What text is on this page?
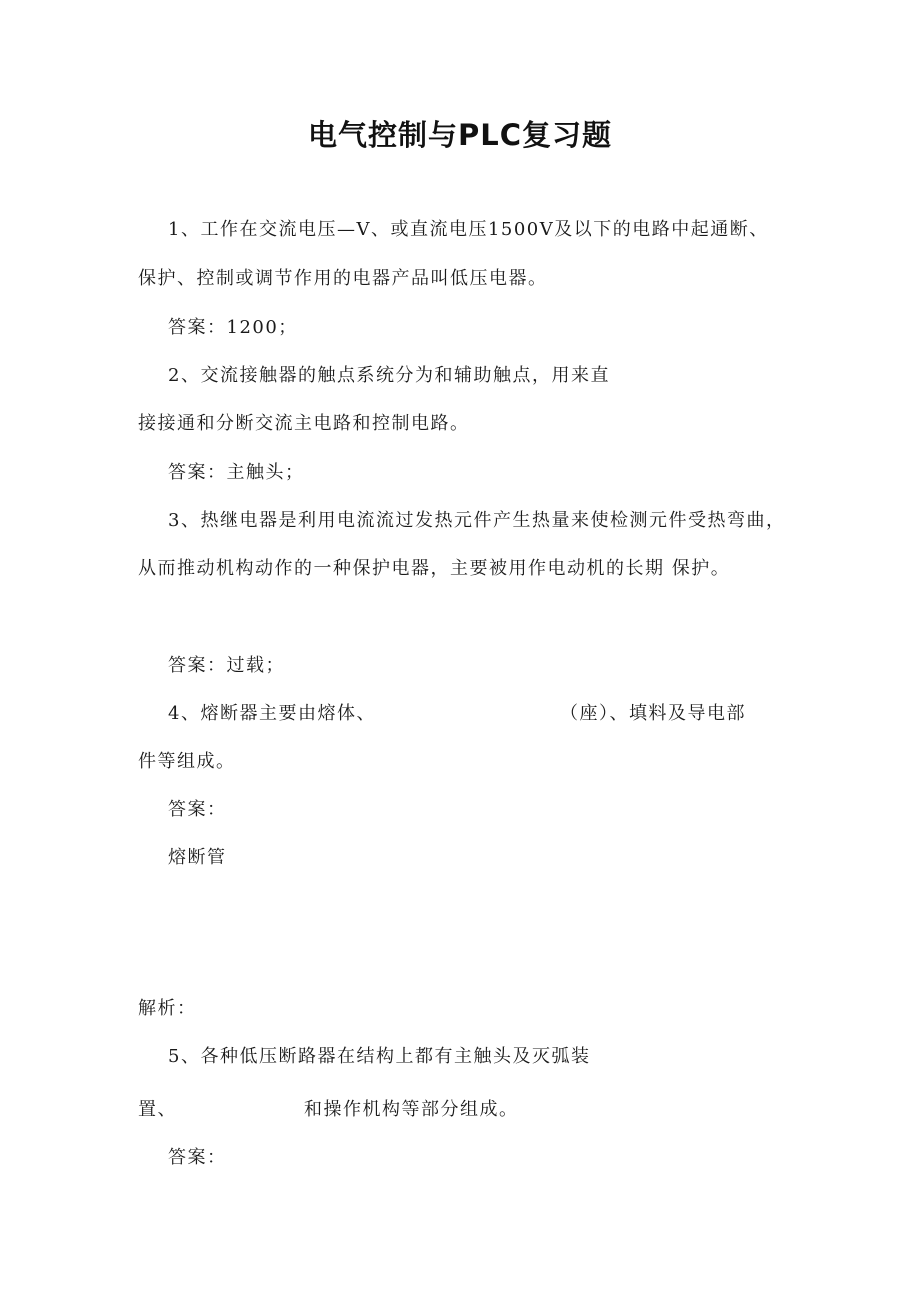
电气控制与PLC复习题
1、工作在交流电压—V、或直流电压1500V及以下的电路中起通断、
保护、控制或调节作用的电器产品叫低压电器。
答案：1200；
2、交流接触器的触点系统分为和辅助触点，用来直
接接通和分断交流主电路和控制电路。
答案：主触头；
3、热继电器是利用电流流过发热元件产生热量来使检测元件受热弯曲，
从而推动机构动作的一种保护电器，主要被用作电动机的长期 保护。
答案：过载；
4、熔断器主要由熔体、	（座）、填料及导电部
件等组成。
答案：
熔断管
解析：
5、各种低压断路器在结构上都有主触头及灭弧装
置、	和操作机构等部分组成。
答案：
